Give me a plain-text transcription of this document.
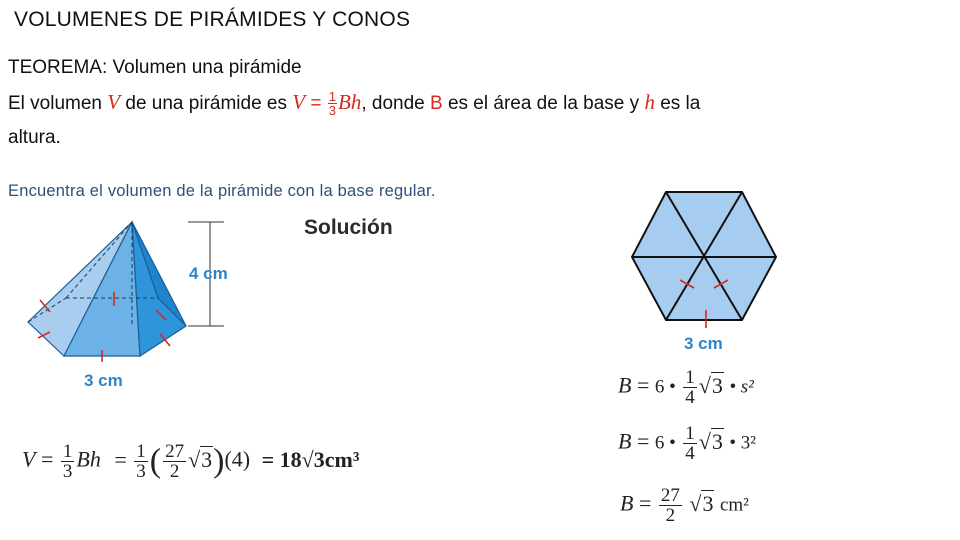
VOLUMENES DE PIRÁMIDES Y CONOS
TEOREMA: Volumen una pirámide
El volumen V de una pirámide es $V = \frac{1}{3} Bh$, donde B es el área de la base y h es la
altura.
Encuentra el volumen de la pirámide con la base regular.
Solución
4 cm
3 cm
3 cm
$V = \frac{1}{3}$ $Bh = \frac{1}{3}$ ( $\frac{27}{2} √3)(4) = 18√3cm^3$
B = 6 • $\frac{1}{4} √3$ • s²
B = 6 • $\frac{1}{4} √3$ • 3²
$B = \frac{27}{2} √3$ cm²
